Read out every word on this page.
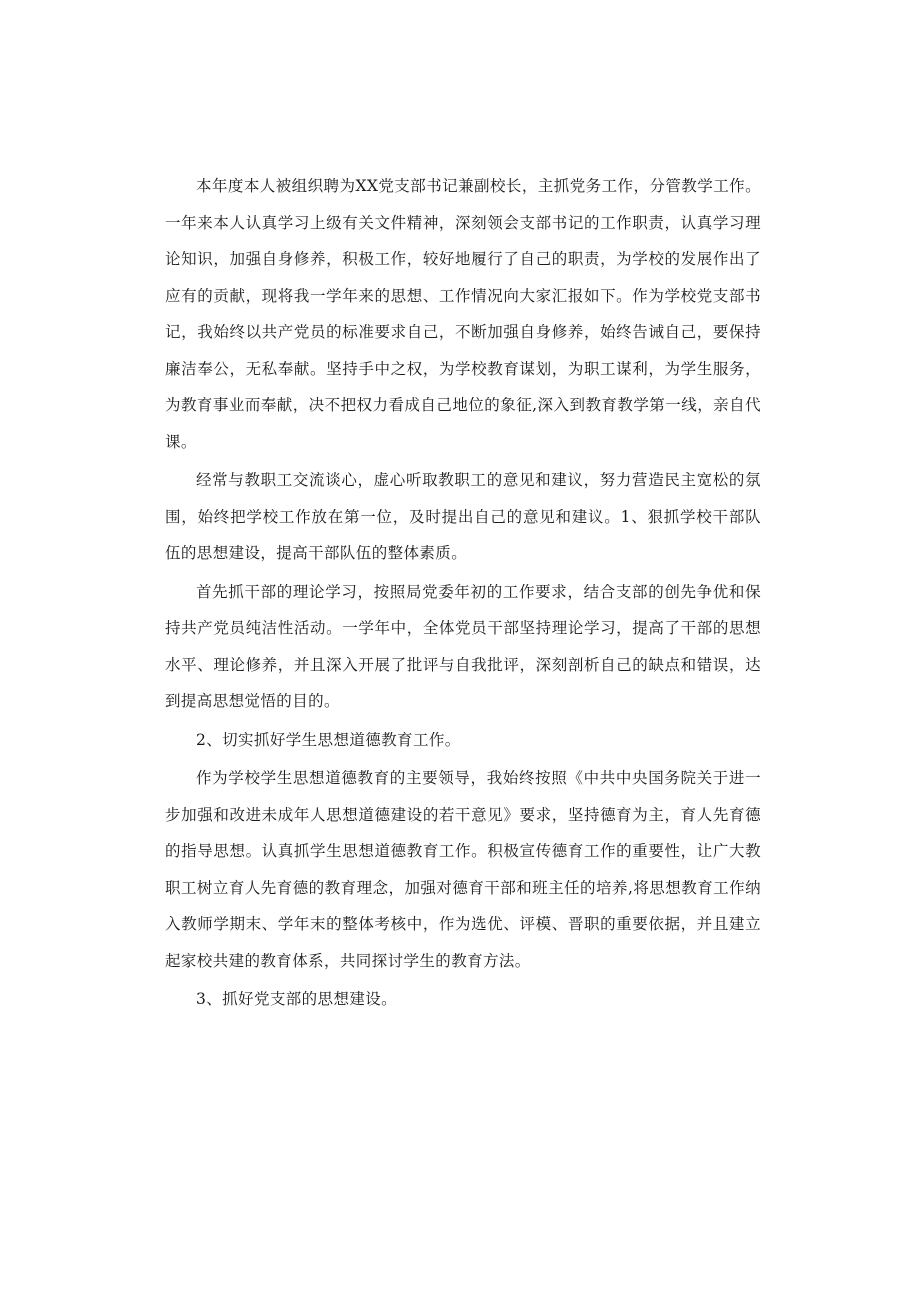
本年度本人被组织聘为XX党支部书记兼副校长，主抓党务工作，分管教学工作。一年来本人认真学习上级有关文件精神，深刻领会支部书记的工作职责，认真学习理论知识，加强自身修养，积极工作，较好地履行了自己的职责，为学校的发展作出了应有的贡献，现将我一学年来的思想、工作情况向大家汇报如下。作为学校党支部书记，我始终以共产党员的标准要求自己，不断加强自身修养，始终告诫自己，要保持廉洁奉公，无私奉献。坚持手中之权，为学校教育谋划，为职工谋利，为学生服务，为教育事业而奉献，决不把权力看成自己地位的象征,深入到教育教学第一线，亲自代课。

经常与教职工交流谈心，虚心听取教职工的意见和建议，努力营造民主宽松的氛围，始终把学校工作放在第一位，及时提出自己的意见和建议。1、狠抓学校干部队伍的思想建设，提高干部队伍的整体素质。

首先抓干部的理论学习，按照局党委年初的工作要求，结合支部的创先争优和保持共产党员纯洁性活动。一学年中，全体党员干部坚持理论学习，提高了干部的思想水平、理论修养，并且深入开展了批评与自我批评，深刻剖析自己的缺点和错误，达到提高思想觉悟的目的。

2、切实抓好学生思想道德教育工作。

作为学校学生思想道德教育的主要领导，我始终按照《中共中央国务院关于进一步加强和改进未成年人思想道德建设的若干意见》要求，坚持德育为主，育人先育德的指导思想。认真抓学生思想道德教育工作。积极宣传德育工作的重要性，让广大教职工树立育人先育德的教育理念，加强对德育干部和班主任的培养,将思想教育工作纳入教师学期末、学年末的整体考核中，作为选优、评模、晋职的重要依据，并且建立起家校共建的教育体系，共同探讨学生的教育方法。

3、抓好党支部的思想建设。
